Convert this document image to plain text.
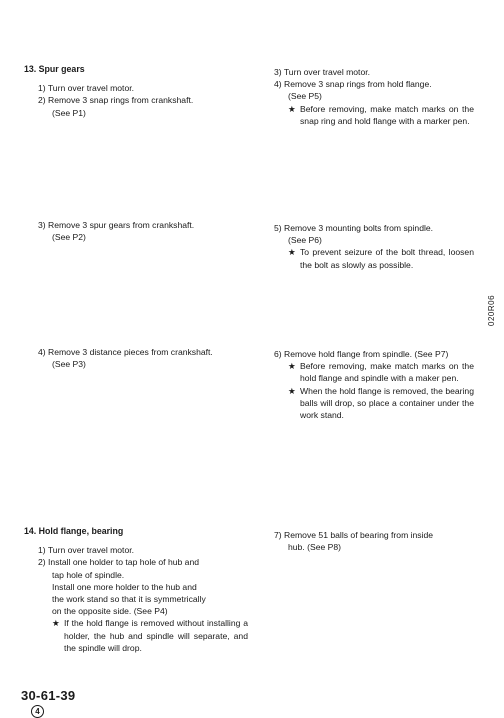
13. Spur gears
1) Turn over travel motor.
2) Remove 3 snap rings from crankshaft.
(See P1)
3) Remove 3 spur gears from crankshaft.
(See P2)
4) Remove 3 distance pieces from crankshaft.
(See P3)
14. Hold flange, bearing
1) Turn over travel motor.
2) Install one holder to tap hole of hub and
tap hole of spindle.
Install one more holder to the hub and
the work stand so that it is symmetrically
on the opposite side. (See P4)
★ If the hold flange is removed without installing a holder, the hub and spindle will separate, and the spindle will drop.
3) Turn over travel motor.
4) Remove 3 snap rings from hold flange.
(See P5)
★ Before removing, make match marks on the snap ring and hold flange with a marker pen.
5) Remove 3 mounting bolts from spindle.
(See P6)
★ To prevent seizure of the bolt thread, loosen the bolt as slowly as possible.
6) Remove hold flange from spindle. (See P7)
★ Before removing, make match marks on the hold flange and spindle with a maker pen.
★ When the hold flange is removed, the bearing balls will drop, so place a container under the work stand.
7) Remove 51 balls of bearing from inside
hub. (See P8)
020R06
30-61-39
4
